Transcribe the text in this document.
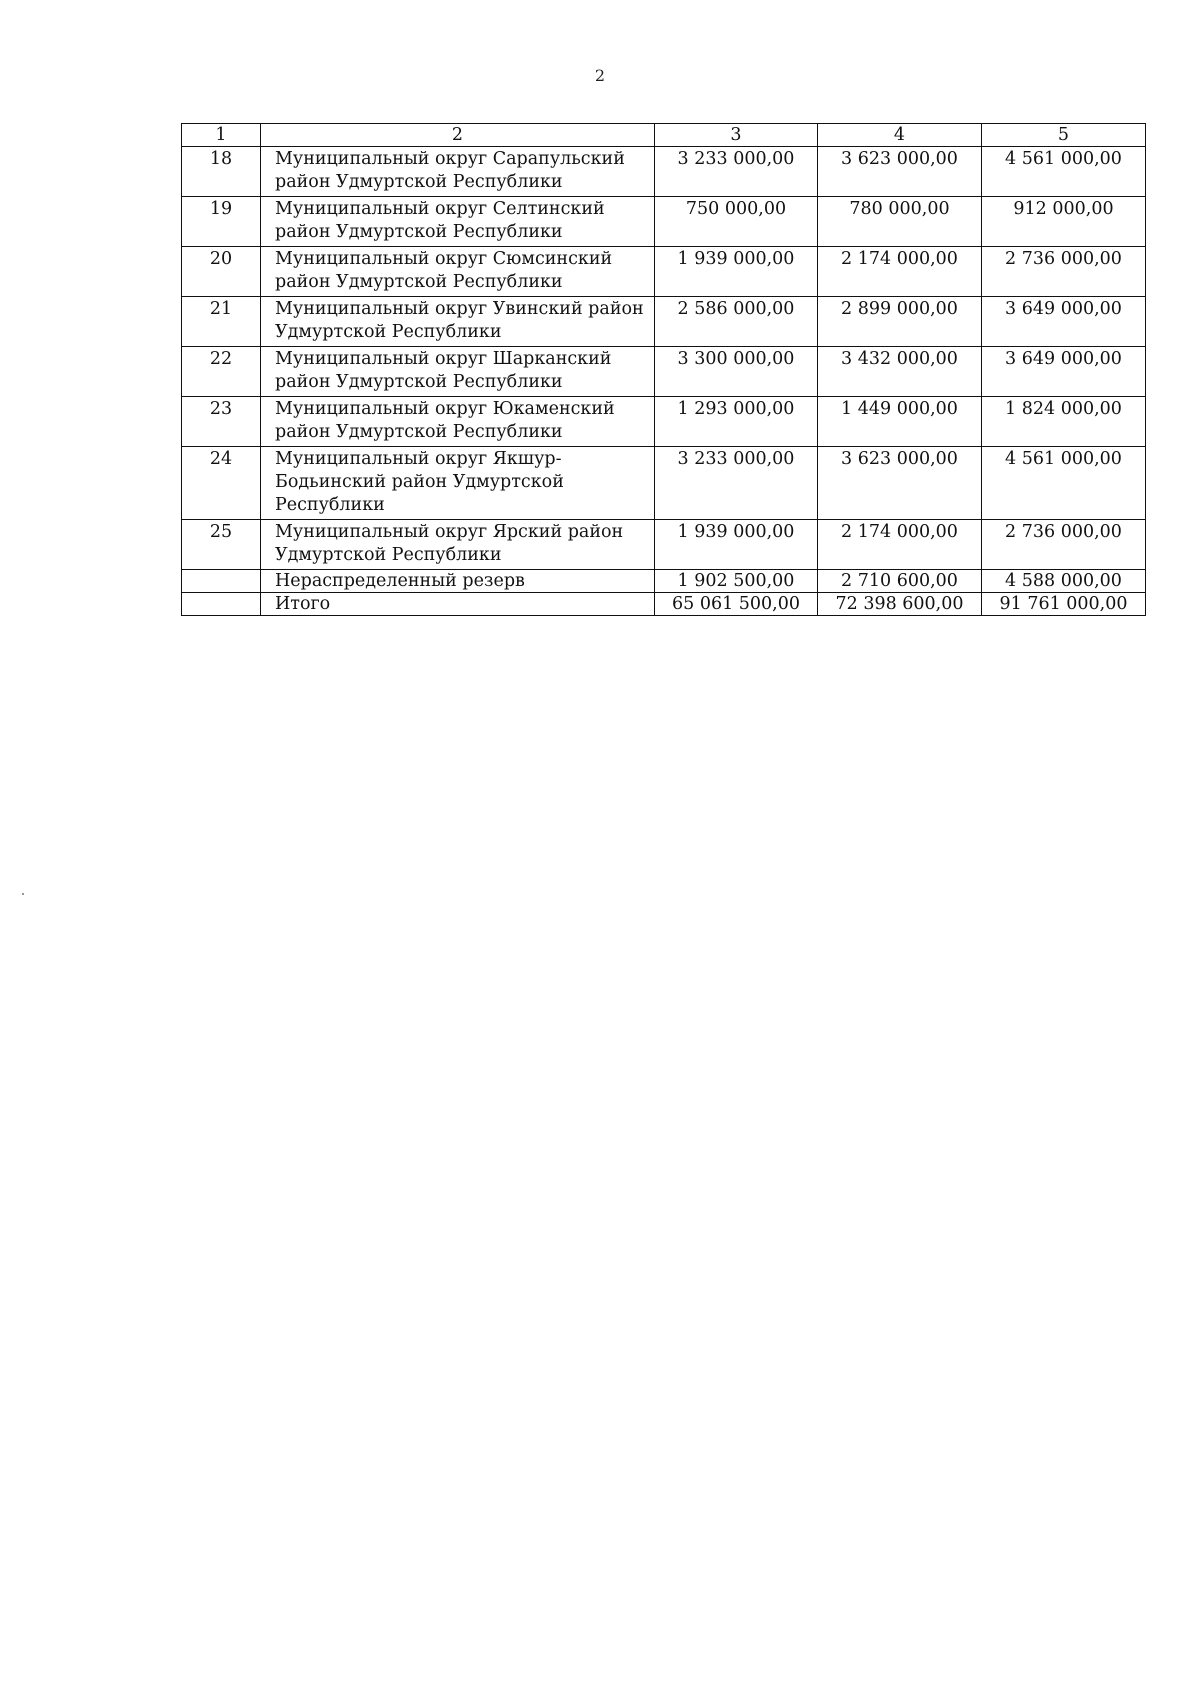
2
1	2	3	4	5
18	Муниципальный округ Сарапульский район Удмуртской Республики	3 233 000,00	3 623 000,00	4 561 000,00
19	Муниципальный округ Селтинский район Удмуртской Республики	750 000,00	780 000,00	912 000,00
20	Муниципальный округ Сюмсинский район Удмуртской Республики	1 939 000,00	2 174 000,00	2 736 000,00
21	Муниципальный округ Увинский район Удмуртской Республики	2 586 000,00	2 899 000,00	3 649 000,00
22	Муниципальный округ Шарканский район Удмуртской Республики	3 300 000,00	3 432 000,00	3 649 000,00
23	Муниципальный округ Юкаменский район Удмуртской Республики	1 293 000,00	1 449 000,00	1 824 000,00
24	Муниципальный округ Якшур-Бодьинский район Удмуртской Республики	3 233 000,00	3 623 000,00	4 561 000,00
25	Муниципальный округ Ярский район Удмуртской Республики	1 939 000,00	2 174 000,00	2 736 000,00
	Нераспределенный резерв	1 902 500,00	2 710 600,00	4 588 000,00
	Итого	65 061 500,00	72 398 600,00	91 761 000,00
